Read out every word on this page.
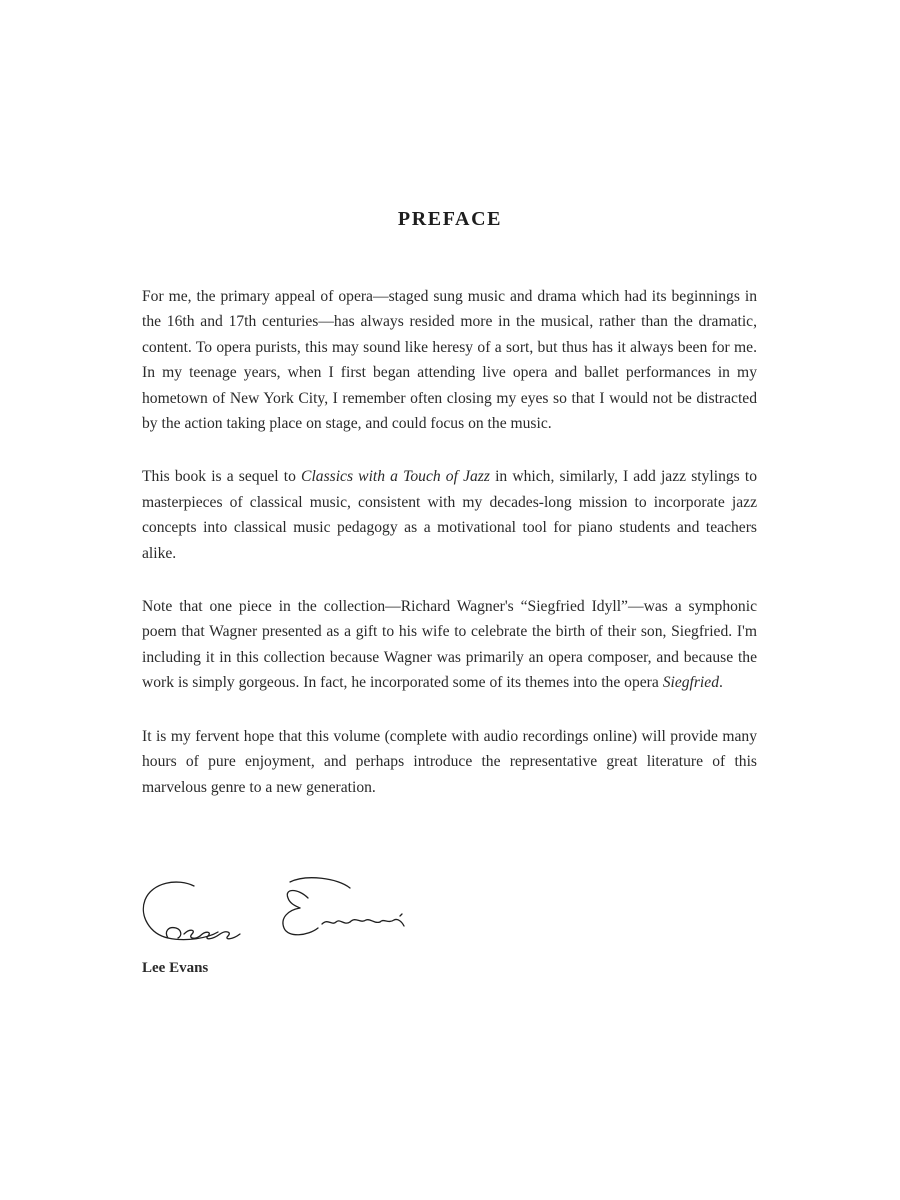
PREFACE

For me, the primary appeal of opera—staged sung music and drama which had its beginnings in the 16th and 17th centuries—has always resided more in the musical, rather than the dramatic, content. To opera purists, this may sound like heresy of a sort, but thus has it always been for me. In my teenage years, when I first began attending live opera and ballet performances in my hometown of New York City, I remember often closing my eyes so that I would not be distracted by the action taking place on stage, and could focus on the music.

This book is a sequel to Classics with a Touch of Jazz in which, similarly, I add jazz stylings to masterpieces of classical music, consistent with my decades-long mission to incorporate jazz concepts into classical music pedagogy as a motivational tool for piano students and teachers alike.

Note that one piece in the collection—Richard Wagner's “Siegfried Idyll”—was a symphonic poem that Wagner presented as a gift to his wife to celebrate the birth of their son, Siegfried. I'm including it in this collection because Wagner was primarily an opera composer, and because the work is simply gorgeous. In fact, he incorporated some of its themes into the opera Siegfried.

It is my fervent hope that this volume (complete with audio recordings online) will provide many hours of pure enjoyment, and perhaps introduce the representative great literature of this marvelous genre to a new generation.

Lee Evans
